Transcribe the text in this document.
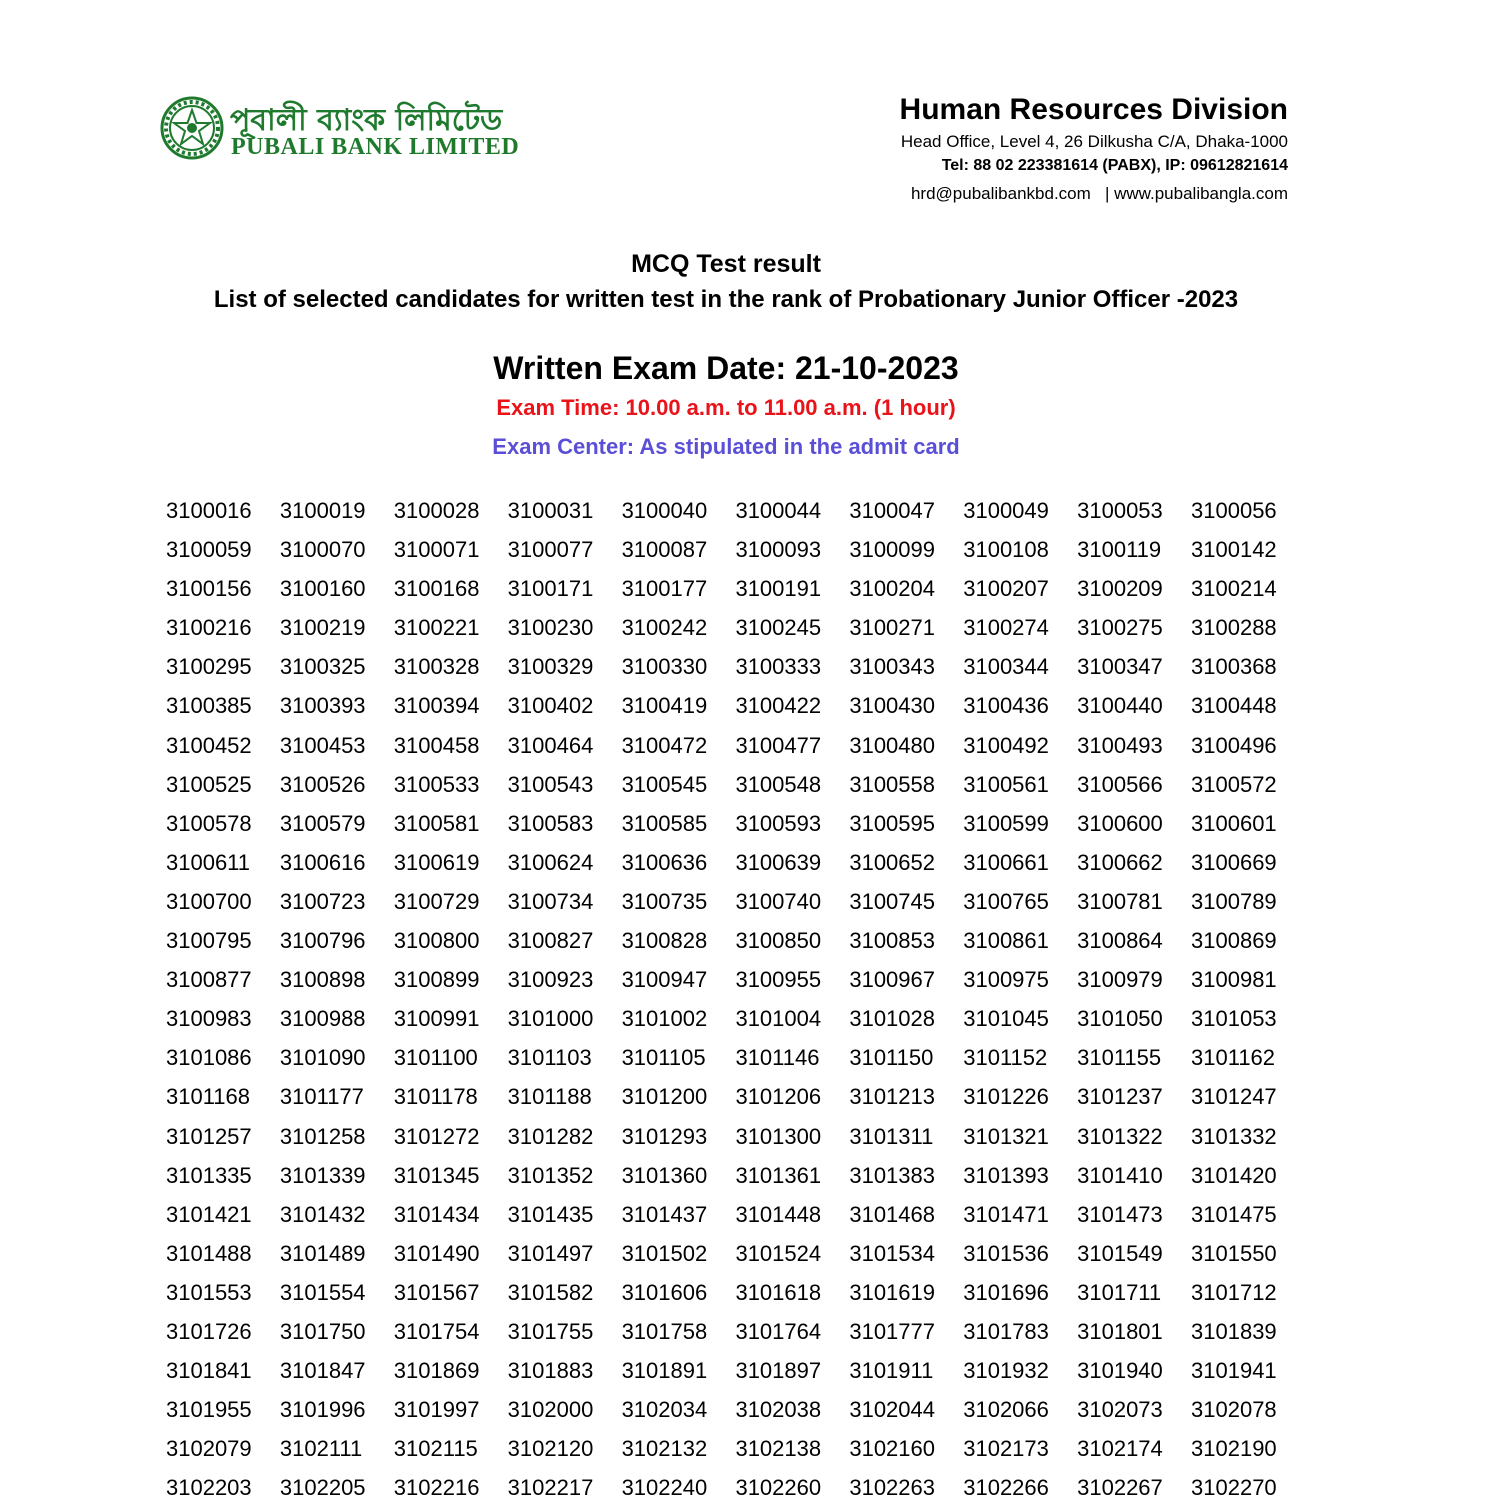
পূবালী ব্যাংক লিমিটেড
PUBALI BANK LIMITED
Human Resources Division
Head Office, Level 4, 26 Dilkusha C/A, Dhaka-1000
Tel: 88 02 223381614 (PABX), IP: 09612821614
hrd@pubalibankbd.com | www.pubalibangla.com
MCQ Test result
List of selected candidates for written test in the rank of Probationary Junior Officer -2023
Written Exam Date: 21-10-2023
Exam Time: 10.00 a.m. to 11.00 a.m. (1 hour)
Exam Center: As stipulated in the admit card
3100016	3100019	3100028	3100031	3100040	3100044	3100047	3100049	3100053	3100056
3100059	3100070	3100071	3100077	3100087	3100093	3100099	3100108	3100119	3100142
3100156	3100160	3100168	3100171	3100177	3100191	3100204	3100207	3100209	3100214
3100216	3100219	3100221	3100230	3100242	3100245	3100271	3100274	3100275	3100288
3100295	3100325	3100328	3100329	3100330	3100333	3100343	3100344	3100347	3100368
3100385	3100393	3100394	3100402	3100419	3100422	3100430	3100436	3100440	3100448
3100452	3100453	3100458	3100464	3100472	3100477	3100480	3100492	3100493	3100496
3100525	3100526	3100533	3100543	3100545	3100548	3100558	3100561	3100566	3100572
3100578	3100579	3100581	3100583	3100585	3100593	3100595	3100599	3100600	3100601
3100611	3100616	3100619	3100624	3100636	3100639	3100652	3100661	3100662	3100669
3100700	3100723	3100729	3100734	3100735	3100740	3100745	3100765	3100781	3100789
3100795	3100796	3100800	3100827	3100828	3100850	3100853	3100861	3100864	3100869
3100877	3100898	3100899	3100923	3100947	3100955	3100967	3100975	3100979	3100981
3100983	3100988	3100991	3101000	3101002	3101004	3101028	3101045	3101050	3101053
3101086	3101090	3101100	3101103	3101105	3101146	3101150	3101152	3101155	3101162
3101168	3101177	3101178	3101188	3101200	3101206	3101213	3101226	3101237	3101247
3101257	3101258	3101272	3101282	3101293	3101300	3101311	3101321	3101322	3101332
3101335	3101339	3101345	3101352	3101360	3101361	3101383	3101393	3101410	3101420
3101421	3101432	3101434	3101435	3101437	3101448	3101468	3101471	3101473	3101475
3101488	3101489	3101490	3101497	3101502	3101524	3101534	3101536	3101549	3101550
3101553	3101554	3101567	3101582	3101606	3101618	3101619	3101696	3101711	3101712
3101726	3101750	3101754	3101755	3101758	3101764	3101777	3101783	3101801	3101839
3101841	3101847	3101869	3101883	3101891	3101897	3101911	3101932	3101940	3101941
3101955	3101996	3101997	3102000	3102034	3102038	3102044	3102066	3102073	3102078
3102079	3102111	3102115	3102120	3102132	3102138	3102160	3102173	3102174	3102190
3102203	3102205	3102216	3102217	3102240	3102260	3102263	3102266	3102267	3102270
